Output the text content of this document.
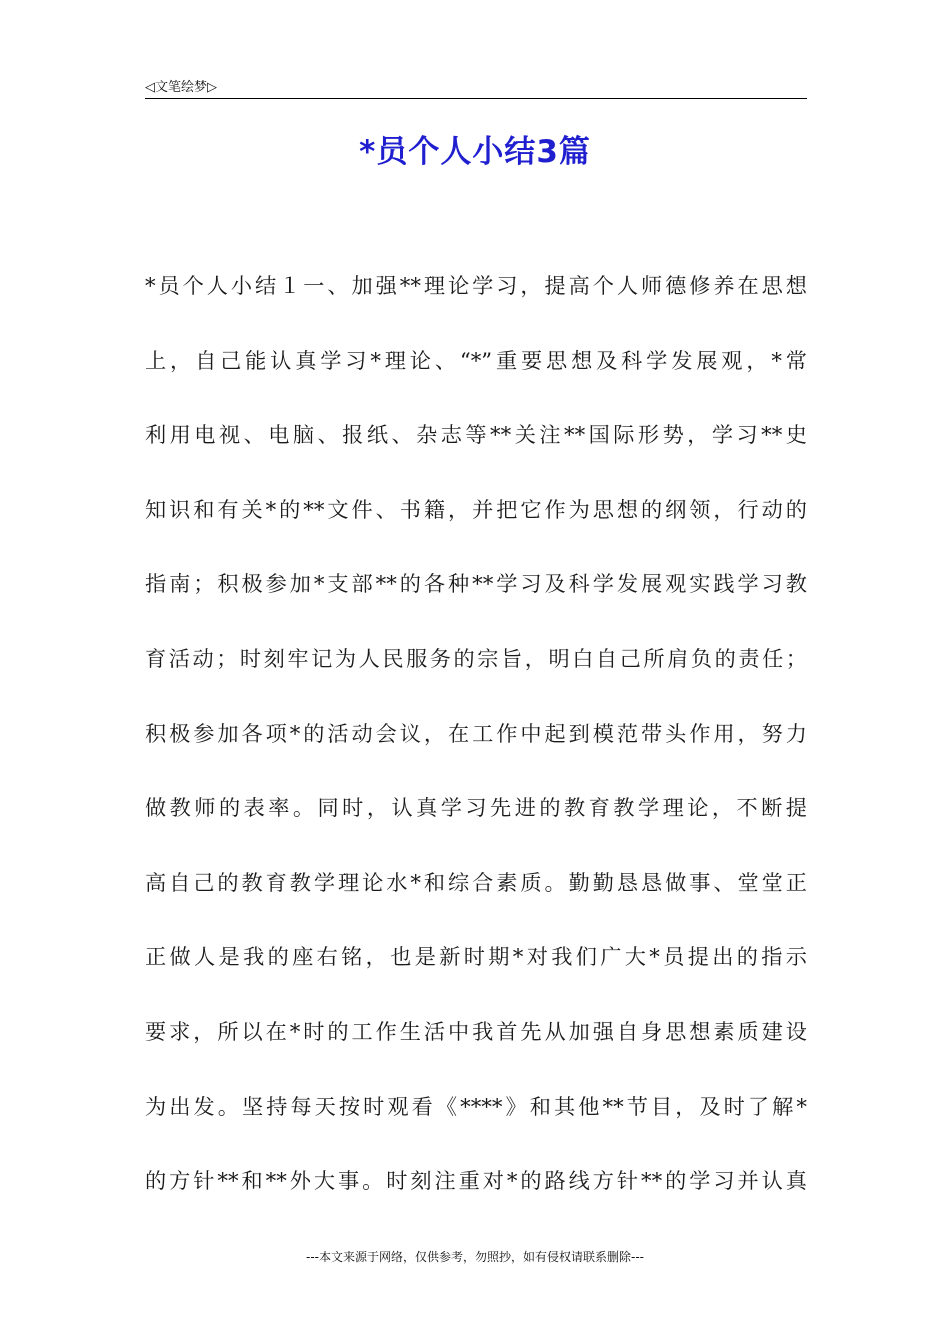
◁文笔绘梦▷
*员个人小结3篇
*员个人小结１一、加强**理论学习，提高个人师德修养在思想
上，自己能认真学习*理论、“*”重要思想及科学发展观，*常
利用电视、电脑、报纸、杂志等**关注**国际形势，学习**史
知识和有关*的**文件、书籍，并把它作为思想的纲领，行动的
指南；积极参加*支部**的各种**学习及科学发展观实践学习教
育活动；时刻牢记为人民服务的宗旨，明白自己所肩负的责任；
积极参加各项*的活动会议，在工作中起到模范带头作用，努力
做教师的表率。同时，认真学习先进的教育教学理论，不断提
高自己的教育教学理论水*和综合素质。勤勤恳恳做事、堂堂正
正做人是我的座右铭，也是新时期*对我们广大*员提出的指示
要求，所以在*时的工作生活中我首先从加强自身思想素质建设
为出发。坚持每天按时观看《****》和其他**节目，及时了解*
的方针**和**外大事。时刻注重对*的路线方针**的学习并认真
---本文来源于网络，仅供参考，勿照抄，如有侵权请联系删除---
